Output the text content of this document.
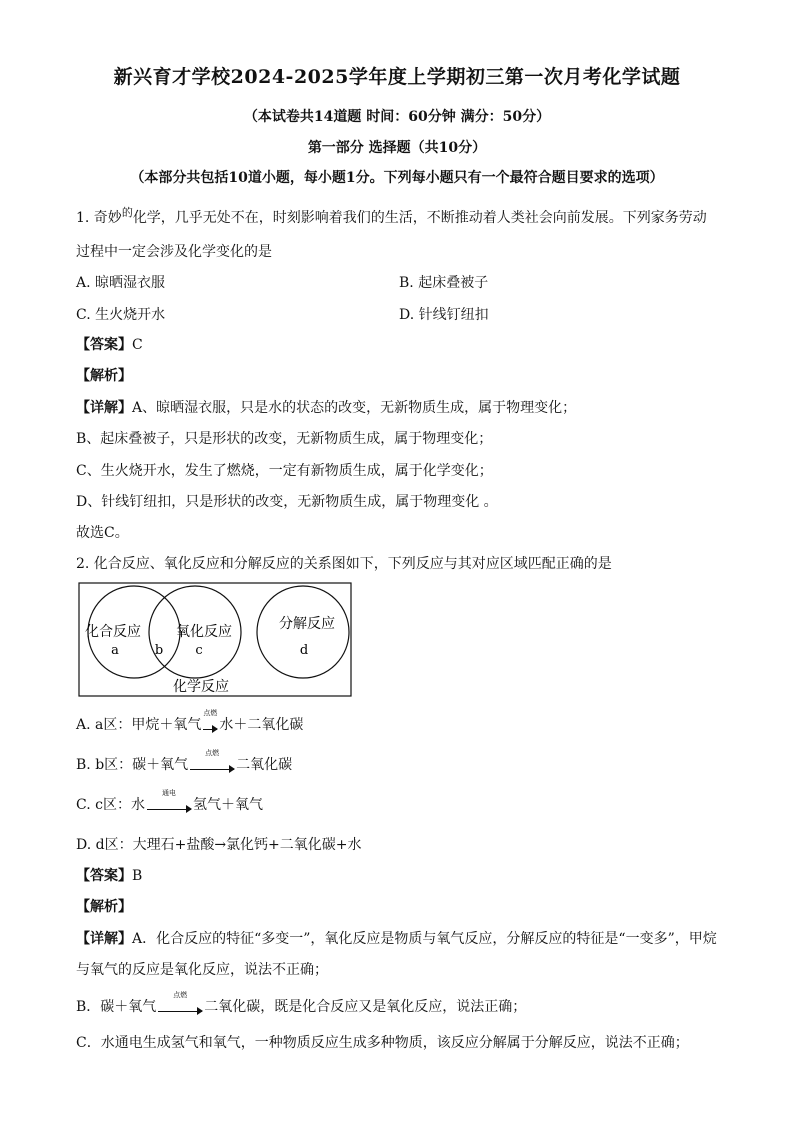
新兴育才学校2024-2025学年度上学期初三第一次月考化学试题
（本试卷共14道题 时间：60分钟 满分：50分）
第一部分 选择题（共10分）
（本部分共包括10道小题，每小题1分。下列每小题只有一个最符合题目要求的选项）
1. 奇妙$^的$化学，几乎无处不在，时刻影响着我们的生活，不断推动着人类社会向前发展。下列家务劳动
过程中一定会涉及化学变化的是
A. 晾晒湿衣服	B. 起床叠被子
C. 生火烧开水	D. 针线钉纽扣
【答案】C
【解析】
【详解】A、晾晒湿衣服，只是水的状态的改变，无新物质生成，属于物理变化；
B、起床叠被子，只是形状的改变，无新物质生成，属于物理变化；
C、生火烧开水，发生了燃烧，一定有新物质生成，属于化学变化；
D、针线钉纽扣，只是形状的改变，无新物质生成，属于物理变化 。
故选C。
2. 化合反应、氧化反应和分解反应的关系图如下，下列反应与其对应区域匹配正确的是
化合反应	氧化反应	分解反应
a	b c	d
化学反应
A. a区： 甲烷＋氧气
点燃
水＋二氧化碳
B. b区： 碳＋氧气
点燃
二氧化碳
C. c区： 水
通电
氢气＋氧气
D. d区：大理石+盐酸→氯化钙+二氧化碳+水
【答案】B
【解析】
【详解】A．化合反应的特征“多变一”，氧化反应是物质与氧气反应，分解反应的特征是“一变多”，甲烷
与氧气的反应是氧化反应，说法不正确；
B． 碳＋氧气
点燃
二氧化碳 ，既是化合反应又是氧化反应，说法正确；
C．水通电生成氢气和氧气，一种物质反应生成多种物质，该反应分解属于分解反应，说法不正确；
